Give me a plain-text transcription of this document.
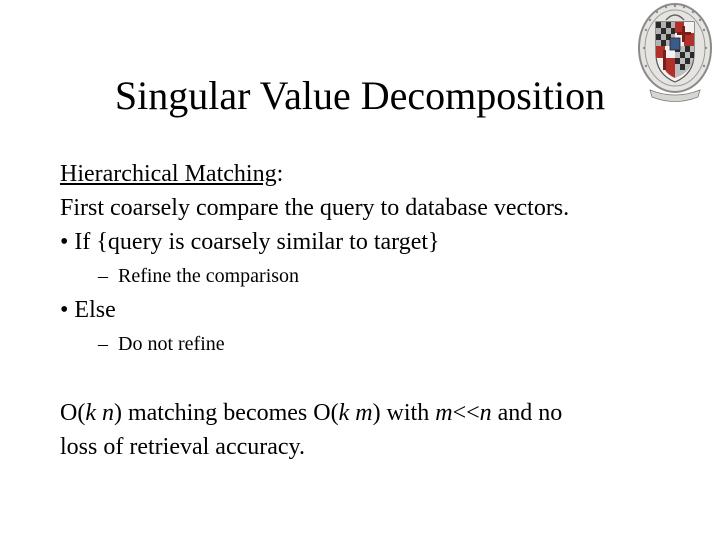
Singular Value Decomposition
Hierarchical Matching:
First coarsely compare the query to database vectors.
• If {query is coarsely similar to target}
– Refine the comparison
• Else
– Do not refine
O(k n) matching becomes O(k m) with m<<n and no
loss of retrieval accuracy.
